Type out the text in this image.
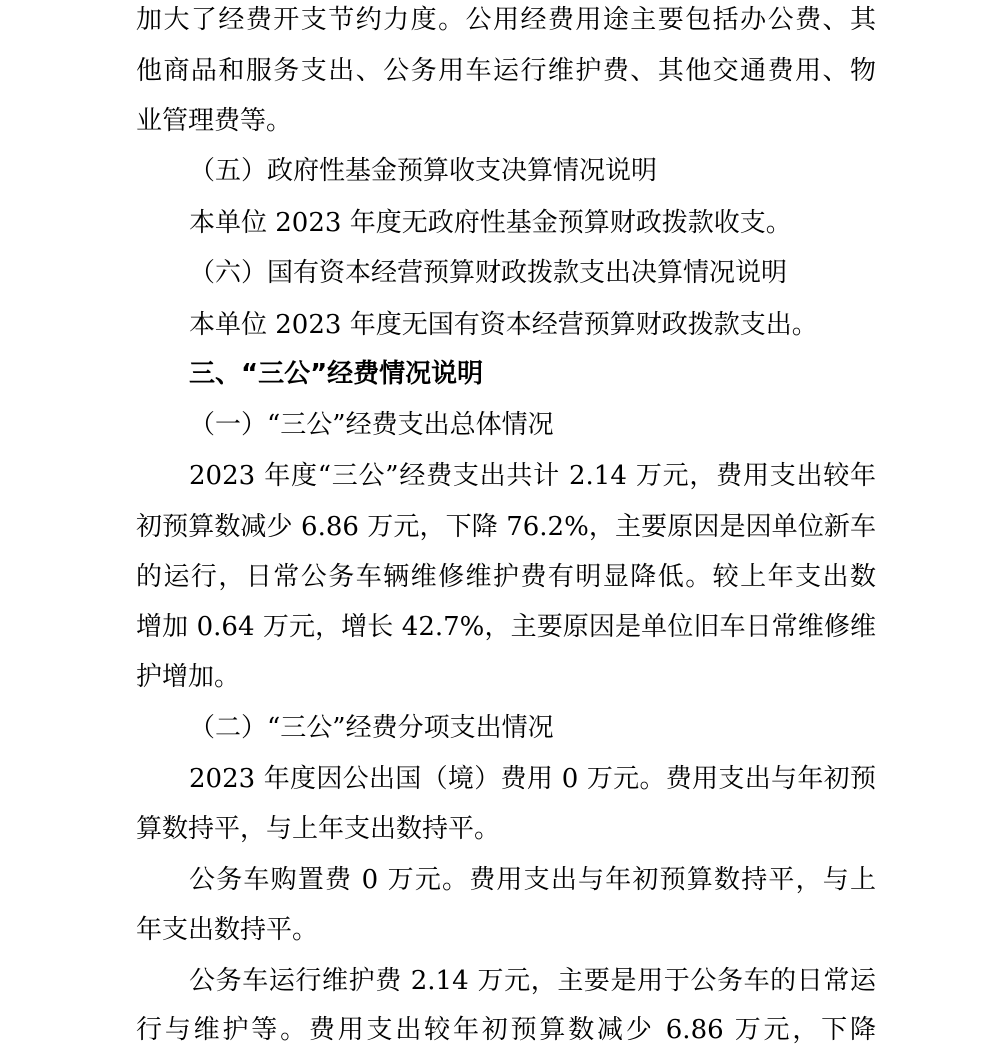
加大了经费开支节约力度。公用经费用途主要包括办公费、其
他商品和服务支出、公务用车运行维护费、其他交通费用、物
业管理费等。
（五）政府性基金预算收支决算情况说明
本单位 2023 年度无政府性基金预算财政拨款收支。
（六）国有资本经营预算财政拨款支出决算情况说明
本单位 2023 年度无国有资本经营预算财政拨款支出。
三、“三公”经费情况说明
（一）“三公”经费支出总体情况
2023 年度“三公”经费支出共计 2.14 万元，费用支出较年
初预算数减少 6.86 万元，下降 76.2%，主要原因是因单位新车
的运行，日常公务车辆维修维护费有明显降低。较上年支出数
增加 0.64 万元，增长 42.7%，主要原因是单位旧车日常维修维
护增加。
（二）“三公”经费分项支出情况
2023 年度因公出国（境）费用 0 万元。费用支出与年初预
算数持平，与上年支出数持平。
公务车购置费 0 万元。费用支出与年初预算数持平，与上
年支出数持平。
公务车运行维护费 2.14 万元，主要是用于公务车的日常运
行与维护等。费用支出较年初预算数减少 6.86 万元，下降
